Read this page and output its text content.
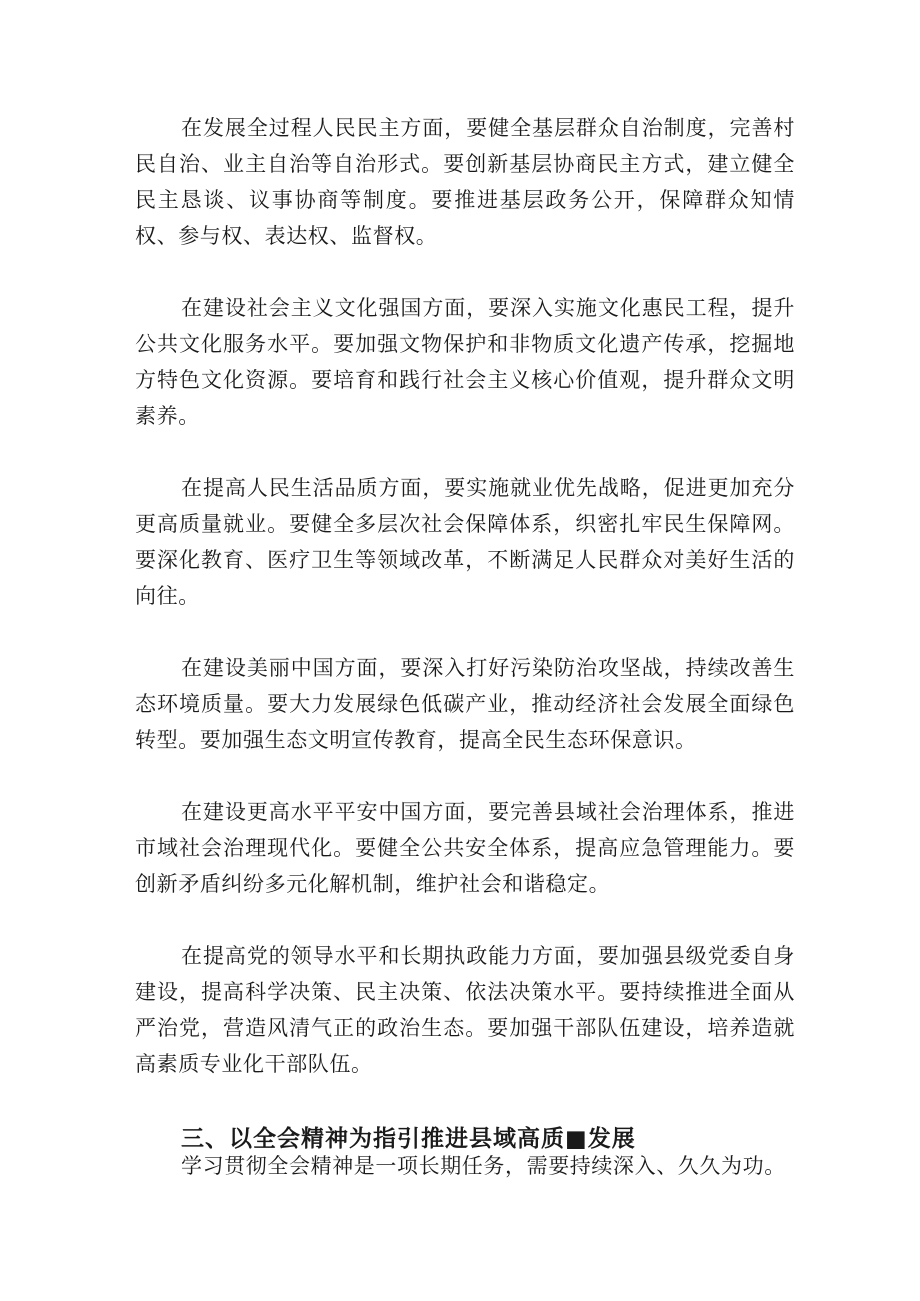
在发展全过程人民民主方面，要健全基层群众自治制度，完善村民自治、业主自治等自治形式。要创新基层协商民主方式，建立健全民主恳谈、议事协商等制度。要推进基层政务公开，保障群众知情权、参与权、表达权、监督权。

在建设社会主义文化强国方面，要深入实施文化惠民工程，提升公共文化服务水平。要加强文物保护和非物质文化遗产传承，挖掘地方特色文化资源。要培育和践行社会主义核心价值观，提升群众文明素养。

在提高人民生活品质方面，要实施就业优先战略，促进更加充分更高质量就业。要健全多层次社会保障体系，织密扎牢民生保障网。要深化教育、医疗卫生等领域改革，不断满足人民群众对美好生活的向往。

在建设美丽中国方面，要深入打好污染防治攻坚战，持续改善生态环境质量。要大力发展绿色低碳产业，推动经济社会发展全面绿色转型。要加强生态文明宣传教育，提高全民生态环保意识。

在建设更高水平平安中国方面，要完善县域社会治理体系，推进市域社会治理现代化。要健全公共安全体系，提高应急管理能力。要创新矛盾纠纷多元化解机制，维护社会和谐稳定。

在提高党的领导水平和长期执政能力方面，要加强县级党委自身建设，提高科学决策、民主决策、依法决策水平。要持续推进全面从严治党，营造风清气正的政治生态。要加强干部队伍建设，培养造就高素质专业化干部队伍。

三、以全会精神为指引推进县域高质■发展

学习贯彻全会精神是一项长期任务，需要持续深入、久久为功。
